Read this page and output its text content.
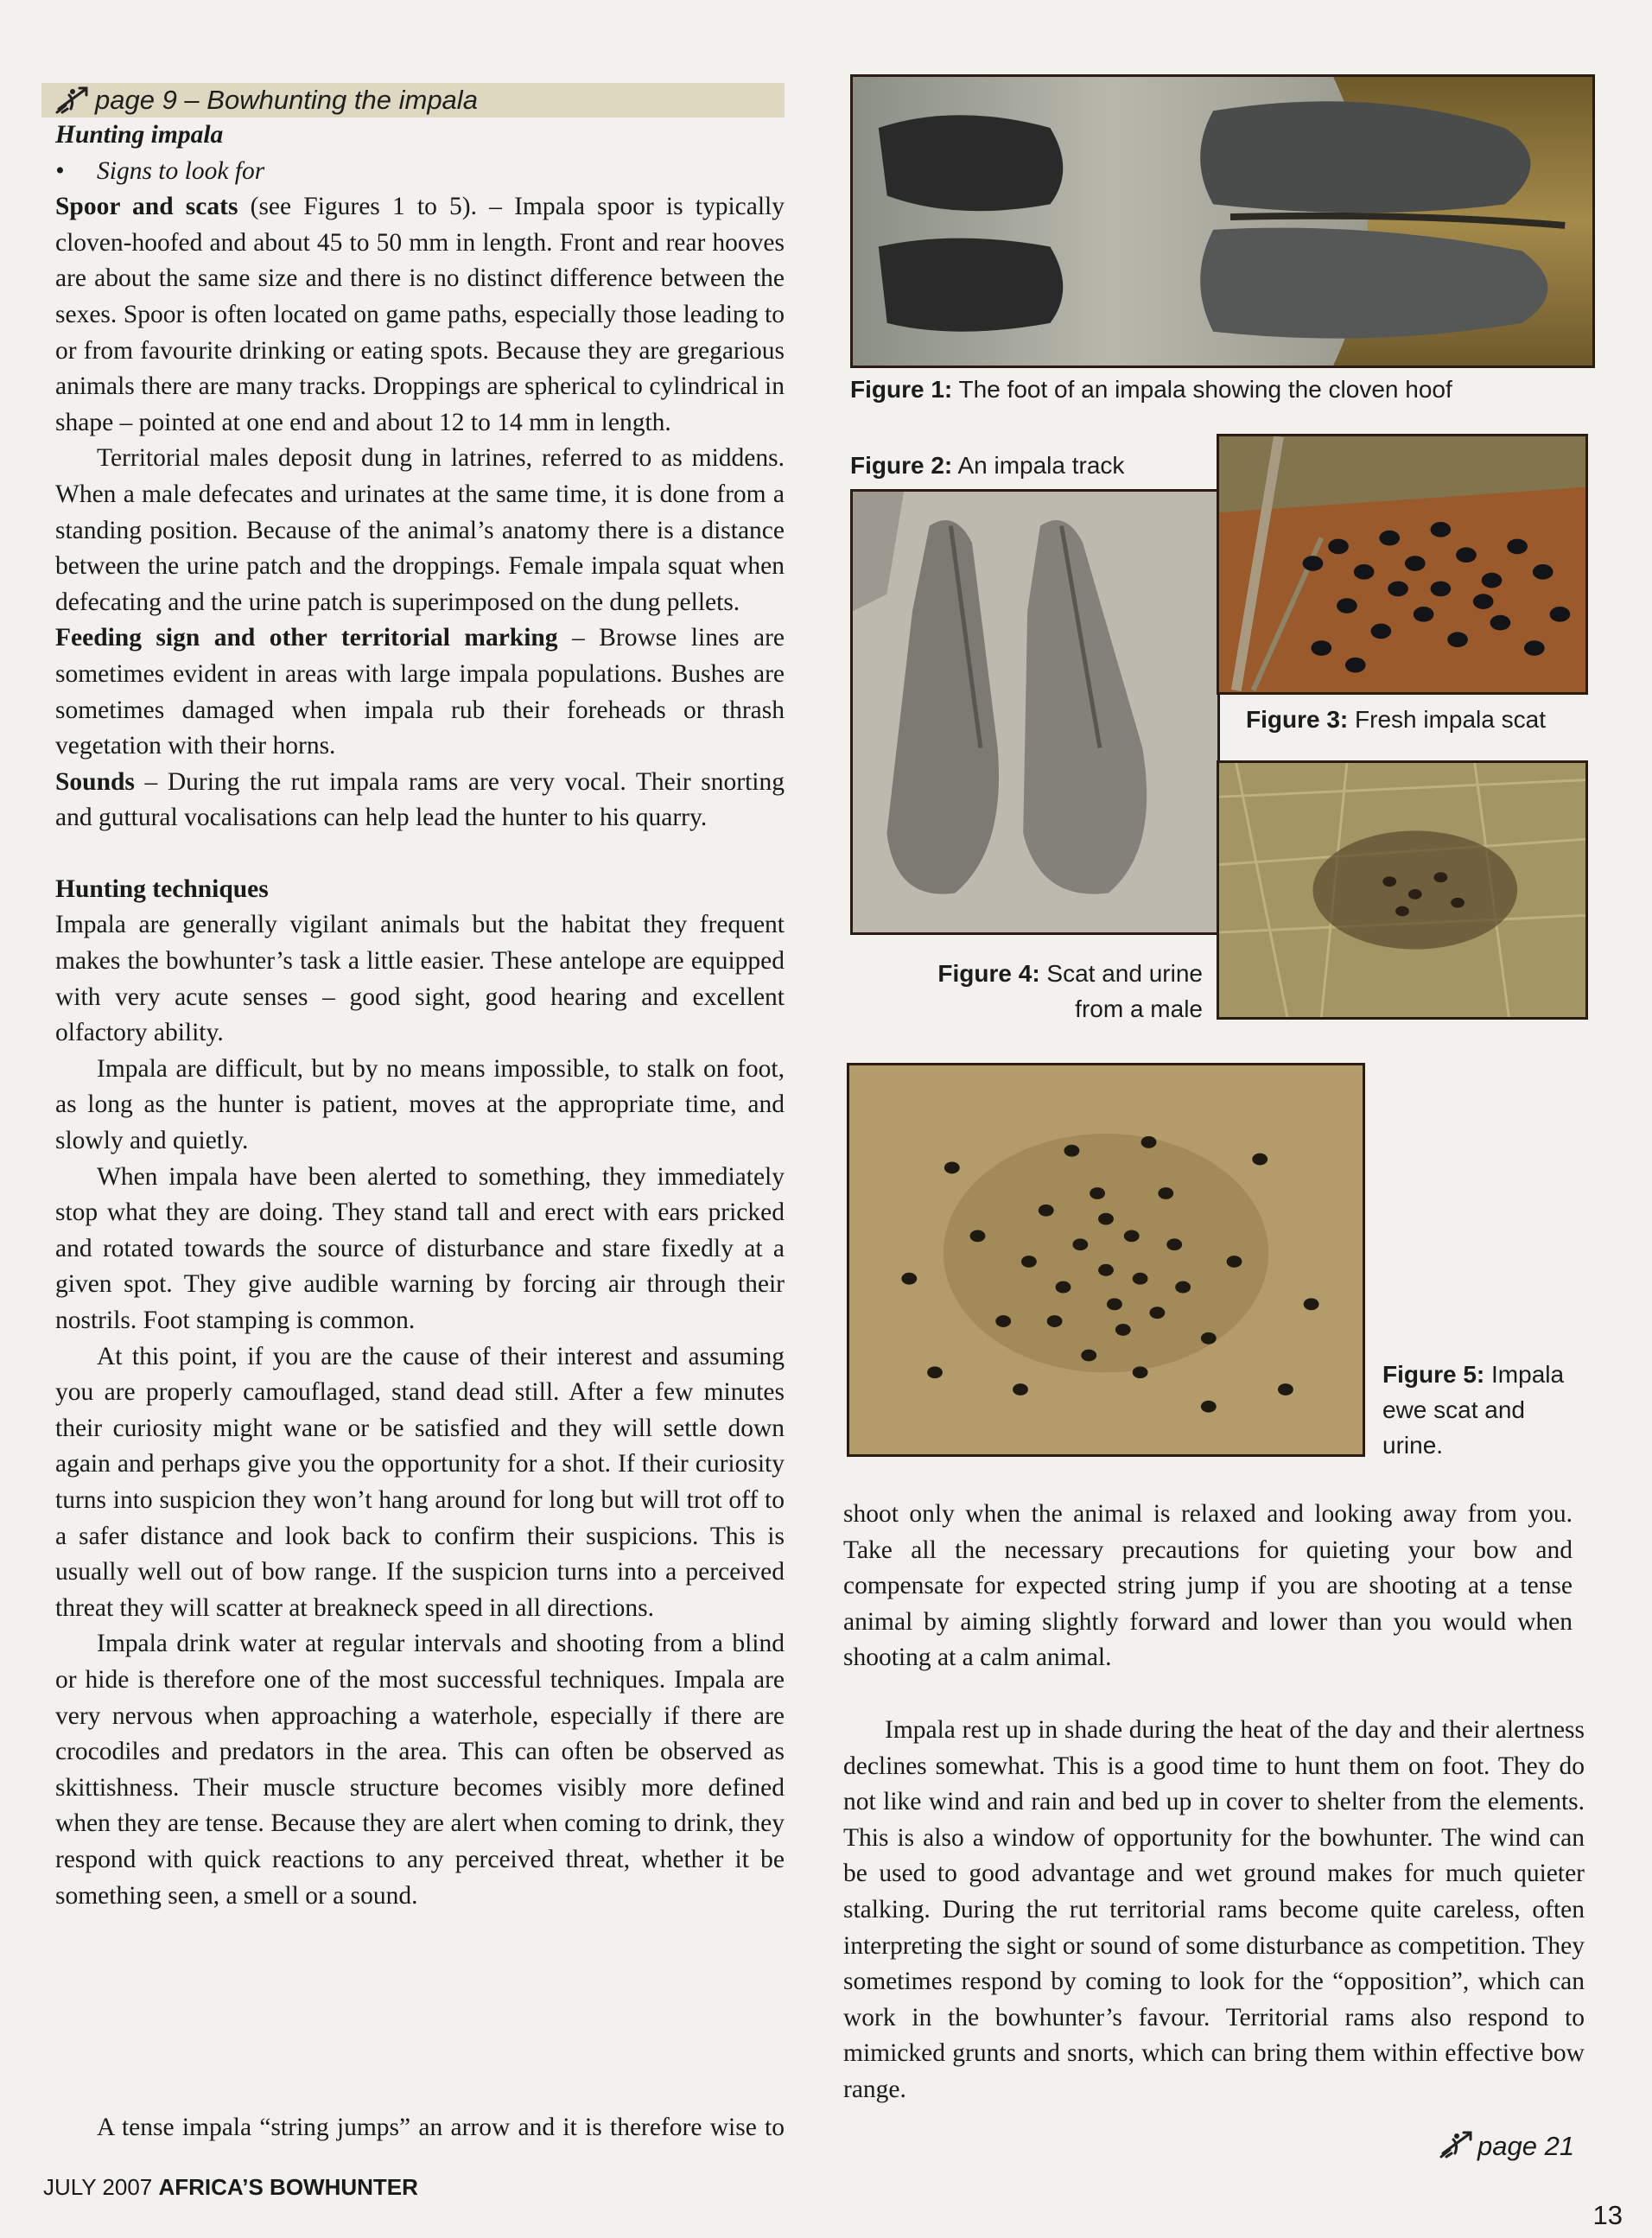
page 9 – Bowhunting the impala

Hunting impala

• Signs to look for

Spoor and scats (see Figures 1 to 5). – Impala spoor is typically cloven-hoofed and about 45 to 50 mm in length. Front and rear hooves are about the same size and there is no distinct difference between the sexes. Spoor is often located on game paths, especially those leading to or from favourite drinking or eating spots. Because they are gregarious animals there are many tracks. Droppings are spherical to cylindrical in shape – pointed at one end and about 12 to 14 mm in length.

Territorial males deposit dung in latrines, referred to as middens. When a male defecates and urinates at the same time, it is done from a standing position. Because of the animal’s anatomy there is a distance between the urine patch and the droppings. Female impala squat when defecating and the urine patch is superimposed on the dung pellets.

Feeding sign and other territorial marking – Browse lines are sometimes evident in areas with large impala populations. Bushes are sometimes damaged when impala rub their foreheads or thrash vegetation with their horns.

Sounds – During the rut impala rams are very vocal. Their snorting and guttural vocalisations can help lead the hunter to his quarry.

Hunting techniques

Impala are generally vigilant animals but the habitat they frequent makes the bowhunter’s task a little easier. These antelope are equipped with very acute senses – good sight, good hearing and excellent olfactory ability.

Impala are difficult, but by no means impossible, to stalk on foot, as long as the hunter is patient, moves at the appropriate time, and slowly and quietly.

When impala have been alerted to something, they immediately stop what they are doing. They stand tall and erect with ears pricked and rotated towards the source of disturbance and stare fixedly at a given spot. They give audible warning by forcing air through their nostrils. Foot stamping is common.

At this point, if you are the cause of their interest and assuming you are properly camouflaged, stand dead still. After a few minutes their curiosity might wane or be satisfied and they will settle down again and perhaps give you the opportunity for a shot. If their curiosity turns into suspicion they won’t hang around for long but will trot off to a safer distance and look back to confirm their suspicions. This is usually well out of bow range. If the suspicion turns into a perceived threat they will scatter at breakneck speed in all directions.

Impala drink water at regular intervals and shooting from a blind or hide is therefore one of the most successful techniques. Impala are very nervous when approaching a waterhole, especially if there are crocodiles and predators in the area. This can often be observed as skittishness. Their muscle structure becomes visibly more defined when they are tense. Because they are alert when coming to drink, they respond with quick reactions to any perceived threat, whether it be something seen, a smell or a sound.

A tense impala “string jumps” an arrow and it is therefore wise to

shoot only when the animal is relaxed and looking away from you. Take all the necessary precautions for quieting your bow and compensate for expected string jump if you are shooting at a tense animal by aiming slightly forward and lower than you would when shooting at a calm animal.

Impala rest up in shade during the heat of the day and their alertness declines somewhat. This is a good time to hunt them on foot. They do not like wind and rain and bed up in cover to shelter from the elements. This is also a window of opportunity for the bowhunter. The wind can be used to good advantage and wet ground makes for much quieter stalking. During the rut territorial rams become quite careless, often interpreting the sight or sound of some disturbance as competition. They sometimes respond by coming to look for the “opposition”, which can work in the bowhunter’s favour. Territorial rams also respond to mimicked grunts and snorts, which can bring them within effective bow range.

Figure 1: The foot of an impala showing the cloven hoof
Figure 2: An impala track
Figure 3: Fresh impala scat
Figure 4: Scat and urine
from a male
Figure 5: Impala
ewe scat and
urine.
page 21
JULY 2007 AFRICA’S BOWHUNTER
13
